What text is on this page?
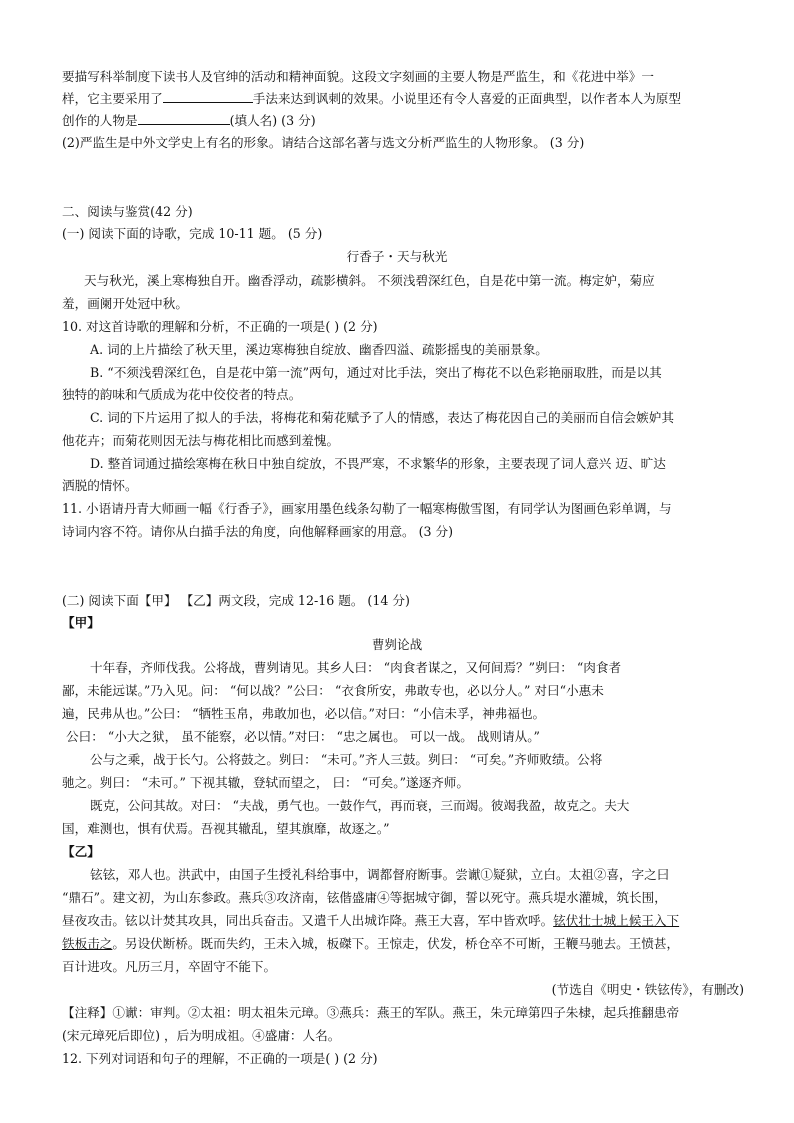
要描写科举制度下读书人及官绅的活动和精神面貌。这段文字刻画的主要人物是严监生，和《花进中举》一
样，它主要采用了	手法来达到讽刺的效果。小说里还有令人喜爱的正面典型，以作者本人为原型
创作的人物是	(填人名) (3 分)
(2)严监生是中外文学史上有名的形象。请结合这部名著与选文分析严监生的人物形象。 (3 分)
二、阅读与鉴赏(42 分)
(一) 阅读下面的诗歌，完成 10-11 题。 (5 分)
行香子・天与秋光
天与秋光，溪上寒梅独自开。幽香浮动，疏影横斜。 不须浅碧深红色，自是花中第一流。梅定妒，菊应
羞，画阑开处冠中秋。
10. 对这首诗歌的理解和分析，不正确的一项是( ) (2 分)
A. 词的上片描绘了秋天里，溪边寒梅独自绽放、幽香四溢、疏影摇曳的美丽景象。
B. “不须浅碧深红色，自是花中第一流”两句，通过对比手法，突出了梅花不以色彩艳丽取胜，而是以其
独特的韵味和气质成为花中佼佼者的特点。
C. 词的下片运用了拟人的手法，将梅花和菊花赋予了人的情感，表达了梅花因自己的美丽而自信会嫉妒其
他花卉；而菊花则因无法与梅花相比而感到羞愧。
D. 整首词通过描绘寒梅在秋日中独自绽放，不畏严寒，不求繁华的形象，主要表现了词人意兴 迈、旷达
洒脱的情怀。
11. 小语请丹青大师画一幅《行香子》，画家用墨色线条勾勒了一幅寒梅傲雪图，有同学认为图画色彩单调，与
诗词内容不符。请你从白描手法的角度，向他解释画家的用意。 (3 分)
(二) 阅读下面【甲】 【乙】两文段，完成 12-16 题。 (14 分)
【甲】
曹刿论战
十年春，齐师伐我。公将战，曹刿请见。其乡人曰： “肉食者谋之，又何间焉？”刿曰： “肉食者
鄙，未能远谋。”乃入见。问： “何以战？”公曰： “衣食所安，弗敢专也，必以分人。” 对曰“小惠未
遍，民弗从也。”公曰： “牺牲玉帛，弗敢加也，必以信。”对曰：“小信未孚，神弗福也。
公曰： “小大之狱， 虽不能察，必以情。”对曰： “忠之属也。 可以一战。 战则请从。”
公与之乘，战于长勺。公将鼓之。刿曰： “未可。”齐人三鼓。刿曰： “可矣。”齐师败绩。公将
驰之。刿曰： “未可。” 下视其辙，登轼而望之， 曰： “可矣。”遂逐齐师。
既克，公问其故。对曰： “夫战，勇气也。一鼓作气，再而衰，三而竭。彼竭我盈，故克之。夫大
国，难测也，惧有伏焉。吾视其辙乱，望其旗靡，故逐之。”
【乙】
铉铉，邓人也。洪武中，由国子生授礼科给事中，调都督府断事。尝谳①疑狱，立白。太祖②喜，字之曰
“鼎石”。建文初，为山东参政。燕兵③攻济南，铉偕盛庸④等据城守御，誓以死守。燕兵堤水灌城，筑长围，
昼夜攻击。铉以计焚其攻具，同出兵奋击。又遣千人出城诈降。燕王大喜，军中皆欢呼。铉伏壮士城上候王入下
铁板击之。另设伏断桥。既而失约，王未入城，板磔下。王惊走，伏发，桥仓卒不可断，王鞭马驰去。王愤甚，
百计进攻。凡历三月，卒固守不能下。
(节选自《明史・铁铉传》，有删改)
【注释】①谳：审判。②太祖：明太祖朱元璋。③燕兵：燕王的军队。燕王，朱元璋第四子朱棣，起兵推翻患帝
(宋元璋死后即位) ，后为明成祖。④盛庸：人名。
12. 下列对词语和句子的理解，不正确的一项是( ) (2 分)
